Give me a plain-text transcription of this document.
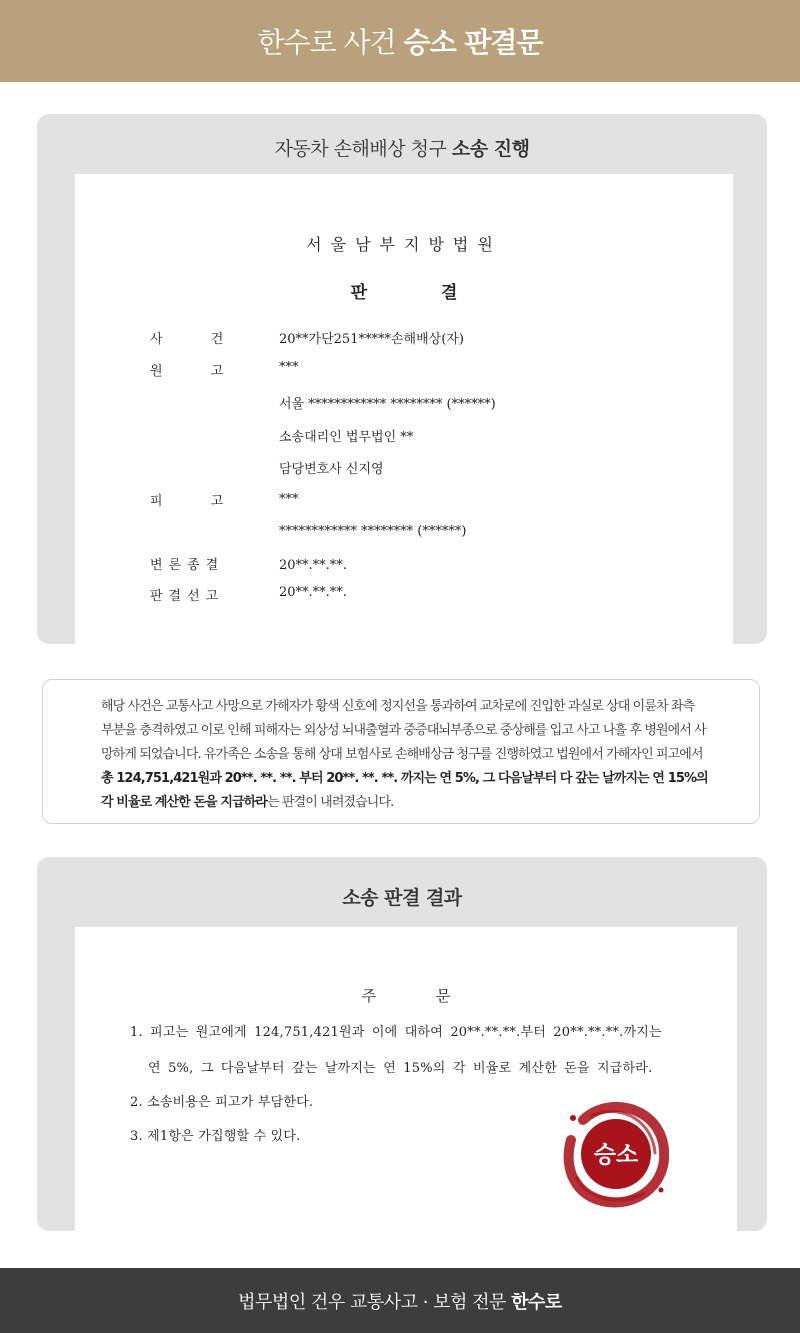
한수로 사건 승소 판결문
자동차 손해배상 청구 소송 진행
서울남부지방법원
판 결
사 건	20**가단251*****손해배상(자)
원 고	***
서울 ************ ******** (******)
소송대리인 법무법인 **
담당변호사 신지영
피 고	***
************ ******** (******)
변론종결	20**.**.**.
판결선고	20**.**.**.
해당 사건은 교통사고 사망으로 가해자가 황색 신호에 정지선을 통과하여 교차로에 진입한 과실로 상대 이륜차 좌측 부분을 충격하였고 이로 인해 피해자는 외상성 뇌내출혈과 중증대뇌부종으로 중상해를 입고 사고 나흘 후 병원에서 사망하게 되었습니다. 유가족은 소송을 통해 상대 보험사로 손해배상금 청구를 진행하였고 법원에서 가해자인 피고에서 총 124,751,421원과 20**. **. **. 부터 20**. **. **. 까지는 연 5%, 그 다음날부터 다 갚는 날까지는 연 15%의 각 비율로 계산한 돈을 지급하라는 판결이 내려졌습니다.
소송 판결 결과
주 문
1. 피고는 원고에게 124,751,421원과 이에 대하여 20**.**.**.부터 20**.**.**.까지는
연 5%, 그 다음날부터 갚는 날까지는 연 15%의 각 비율로 계산한 돈을 지급하라.
2. 소송비용은 피고가 부담한다.
3. 제1항은 가집행할 수 있다.
승소
법무법인 건우 교통사고 · 보험 전문 한수로
